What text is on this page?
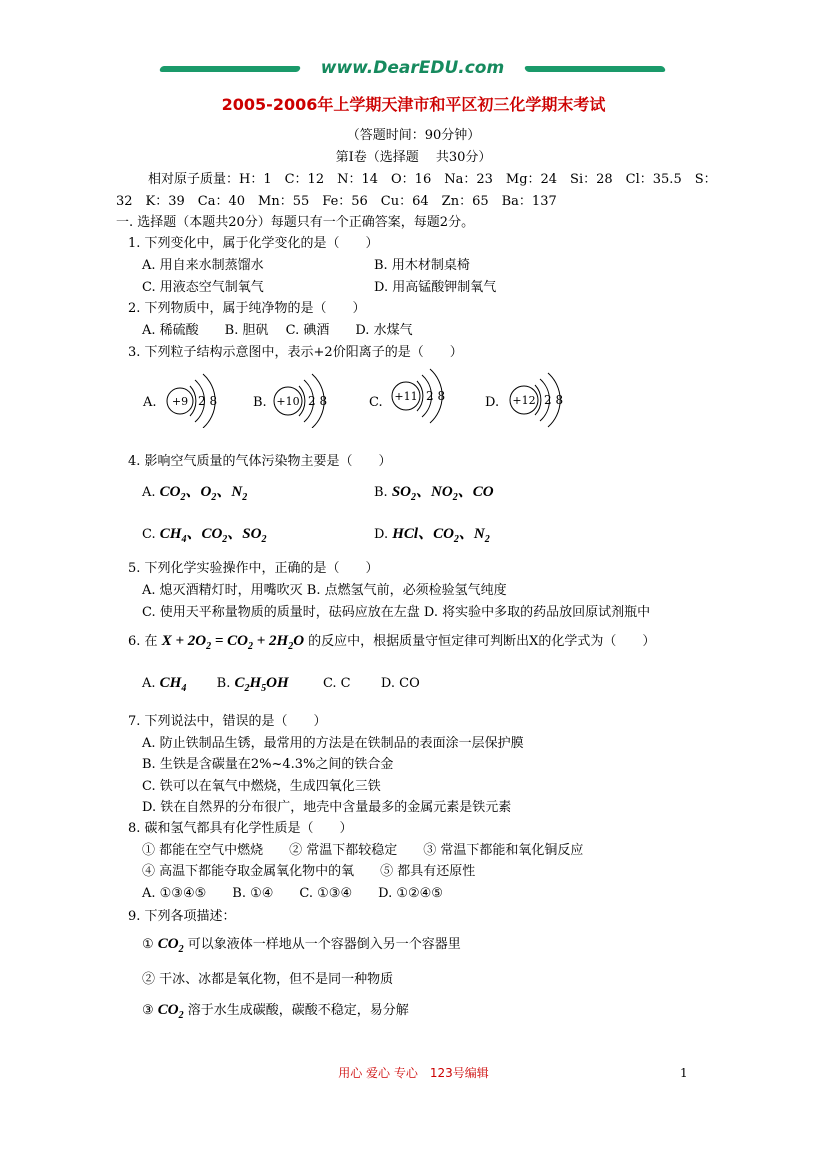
www.DearEDU.com
2005-2006年上学期天津市和平区初三化学期末考试
（答题时间：90分钟）
第Ⅰ卷（选择题　 共30分）
相对原子质量：H：1　C：12　N：14　O：16　Na：23　Mg：24　Si：28　Cl：35.5　S：
32　K：39　Ca：40　Mn：55　Fe：56　Cu：64　Zn：65　Ba：137
一. 选择题（本题共20分）每题只有一个正确答案，每题2分。
1. 下列变化中，属于化学变化的是（　　）
A. 用自来水制蒸馏水	B. 用木材制桌椅
C. 用液态空气制氧气	D. 用高锰酸钾制氧气
2. 下列物质中，属于纯净物的是（　　）
A. 稀硫酸　　B. 胆矾　 C. 碘酒　　D. 水煤气
3. 下列粒子结构示意图中，表示+2价阳离子的是（　　）
A. +9 2 8	B. +10 2 8	C. +11 2 8	D. +12 2 8
4. 影响空气质量的气体污染物主要是（　　）
A. $CO_2$、$O_2$、$N_2$	B. $SO_2$、$NO_2$、CO
C. $CH_4$、$CO_2$、$SO_2$	D. HCl、$CO_2$、$N_2$
5. 下列化学实验操作中，正确的是（　　）
A. 熄灭酒精灯时，用嘴吹灭 B. 点燃氢气前，必须检验氢气纯度
C. 使用天平称量物质的质量时，砝码应放在左盘 D. 将实验中多取的药品放回原试剂瓶中
6. 在 $X + 2O_2 = CO_2 + 2H_2O$ 的反应中，根据质量守恒定律可判断出X的化学式为（　　）
A. $CH_4$ B. $C_2H_5OH$	C. C D. CO
7. 下列说法中，错误的是（　　）
A. 防止铁制品生锈，最常用的方法是在铁制品的表面涂一层保护膜
B. 生铁是含碳量在2%~4.3%之间的铁合金
C. 铁可以在氧气中燃烧，生成四氧化三铁
D. 铁在自然界的分布很广，地壳中含量最多的金属元素是铁元素
8. 碳和氢气都具有化学性质是（　　）
① 都能在空气中燃烧　　② 常温下都较稳定　　③ 常温下都能和氧化铜反应
④ 高温下都能夺取金属氧化物中的氧　　⑤ 都具有还原性
A. ①③④⑤　　B. ①④　　C. ①③④　　D. ①②④⑤
9. 下列各项描述：
① $CO_2$ 可以象液体一样地从一个容器倒入另一个容器里
② 干冰、冰都是氧化物，但不是同一种物质
③ $CO_2$ 溶于水生成碳酸，碳酸不稳定，易分解
用心 爱心 专心　123号编辑	1
